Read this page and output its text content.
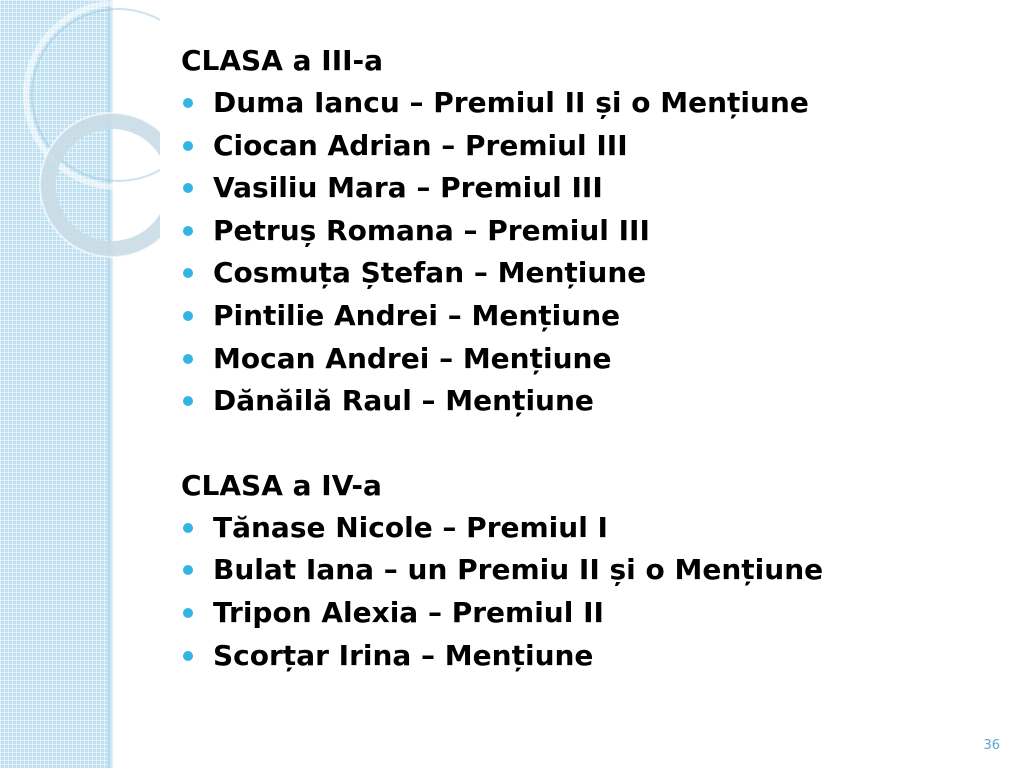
CLASA a III-a
Duma Iancu – Premiul II și o Mențiune
Ciocan Adrian – Premiul III
Vasiliu Mara – Premiul III
Petruș Romana – Premiul III
Cosmuța Ștefan – Mențiune
Pintilie Andrei – Mențiune
Mocan Andrei – Mențiune
Dănăilă Raul – Mențiune
CLASA a IV-a
Tănase Nicole – Premiul I
Bulat Iana – un Premiu II și o Mențiune
Tripon Alexia – Premiul II
Scorțar Irina – Mențiune
36
